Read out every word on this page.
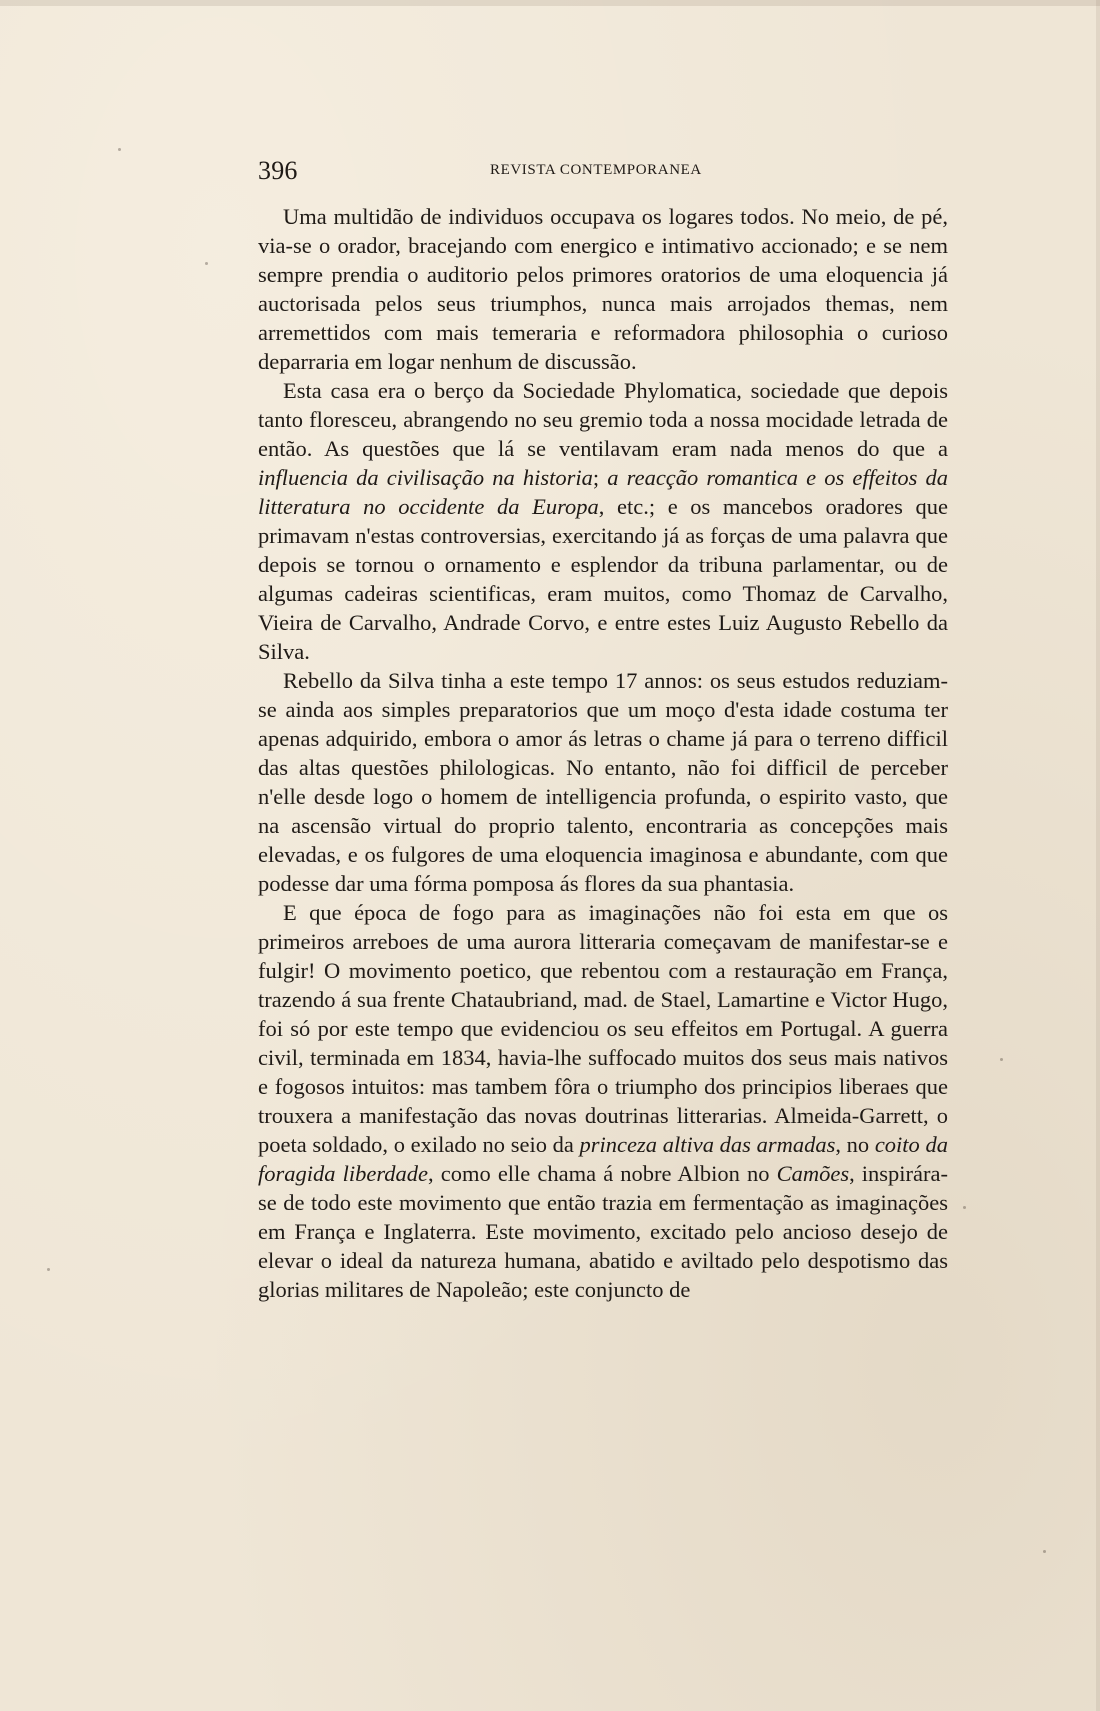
396	REVISTA CONTEMPORANEA

Uma multidão de individuos occupava os logares todos. No meio, de pé, via-se o orador, bracejando com energico e intimativo accionado; e se nem sempre prendia o auditorio pelos primores oratorios de uma eloquencia já auctorisada pelos seus triumphos, nunca mais arrojados themas, nem arremettidos com mais temeraria e reformadora philosophia o curioso deparraria em logar nenhum de discussão.

Esta casa era o berço da Sociedade Phylomatica, sociedade que depois tanto floresceu, abrangendo no seu gremio toda a nossa mocidade letrada de então. As questões que lá se ventilavam eram nada menos do que a influencia da civilisação na historia; a reacção romantica e os effeitos da litteratura no occidente da Europa, etc.; e os mancebos oradores que primavam n'estas controversias, exercitando já as forças de uma palavra que depois se tornou o ornamento e esplendor da tribuna parlamentar, ou de algumas cadeiras scientificas, eram muitos, como Thomaz de Carvalho, Vieira de Carvalho, Andrade Corvo, e entre estes Luiz Augusto Rebello da Silva.

Rebello da Silva tinha a este tempo 17 annos: os seus estudos reduziam-se ainda aos simples preparatorios que um moço d'esta idade costuma ter apenas adquirido, embora o amor ás letras o chame já para o terreno difficil das altas questões philologicas. No entanto, não foi difficil de perceber n'elle desde logo o homem de intelligencia profunda, o espirito vasto, que na ascensão virtual do proprio talento, encontraria as concepções mais elevadas, e os fulgores de uma eloquencia imaginosa e abundante, com que podesse dar uma fórma pomposa ás flores da sua phantasia.

E que época de fogo para as imaginações não foi esta em que os primeiros arreboes de uma aurora litteraria começavam de manifestar-se e fulgir! O movimento poetico, que rebentou com a restauração em França, trazendo á sua frente Chataubriand, mad. de Stael, Lamartine e Victor Hugo, foi só por este tempo que evidenciou os seu effeitos em Portugal. A guerra civil, terminada em 1834, havia-lhe suffocado muitos dos seus mais nativos e fogosos intuitos: mas tambem fôra o triumpho dos principios liberaes que trouxera a manifestação das novas doutrinas litterarias. Almeida-Garrett, o poeta soldado, o exilado no seio da princeza altiva das armadas, no coito da foragida liberdade, como elle chama á nobre Albion no Camões, inspirára-se de todo este movimento que então trazia em fermentação as imaginações em França e Inglaterra. Este movimento, excitado pelo ancioso desejo de elevar o ideal da natureza humana, abatido e aviltado pelo despotismo das glorias militares de Napoleão; este conjuncto de
